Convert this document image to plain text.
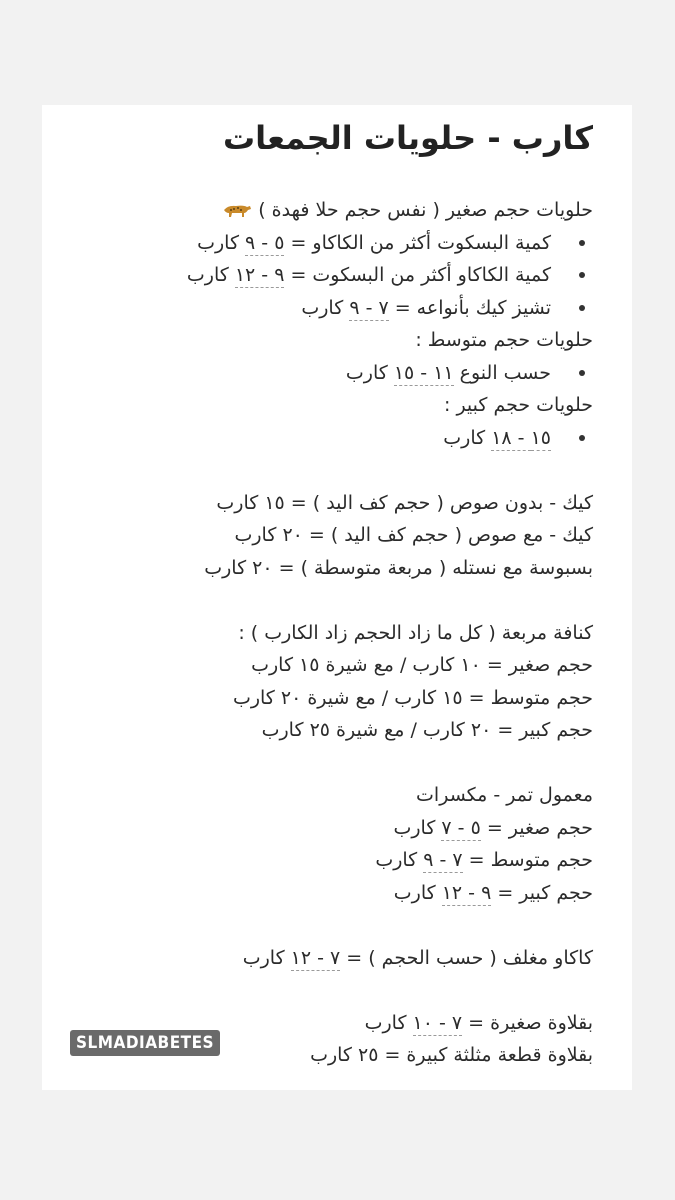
كارب - حلويات الجمعات
حلويات حجم صغير ( نفس حجم حلا فهدة )
كمية البسكوت أكثر من الكاكاو = ٥ - ٩ كارب
كمية الكاكاو أكثر من البسكوت = ٩ - ١٢ كارب
تشيز كيك بأنواعه = ٧ - ٩ كارب
حلويات حجم متوسط :
حسب النوع ١١ - ١٥ كارب
حلويات حجم كبير :
١٥ - ١٨ كارب
كيك - بدون صوص ( حجم كف اليد ) = ١٥ كارب
كيك - مع صوص ( حجم كف اليد ) = ٢٠ كارب
بسبوسة مع نستله ( مربعة متوسطة ) = ٢٠ كارب
كنافة مربعة ( كل ما زاد الحجم زاد الكارب ) :
حجم صغير = ١٠ كارب / مع شيرة ١٥ كارب
حجم متوسط = ١٥ كارب / مع شيرة ٢٠ كارب
حجم كبير = ٢٠ كارب / مع شيرة ٢٥ كارب
معمول تمر - مكسرات
حجم صغير = ٥ - ٧ كارب
حجم متوسط = ٧ - ٩ كارب
حجم كبير = ٩ - ١٢ كارب
كاكاو مغلف ( حسب الحجم ) = ٧ - ١٢ كارب
بقلاوة صغيرة = ٧ - ١٠ كارب
بقلاوة قطعة مثلثة كبيرة = ٢٥ كارب
SLMADIABETES
